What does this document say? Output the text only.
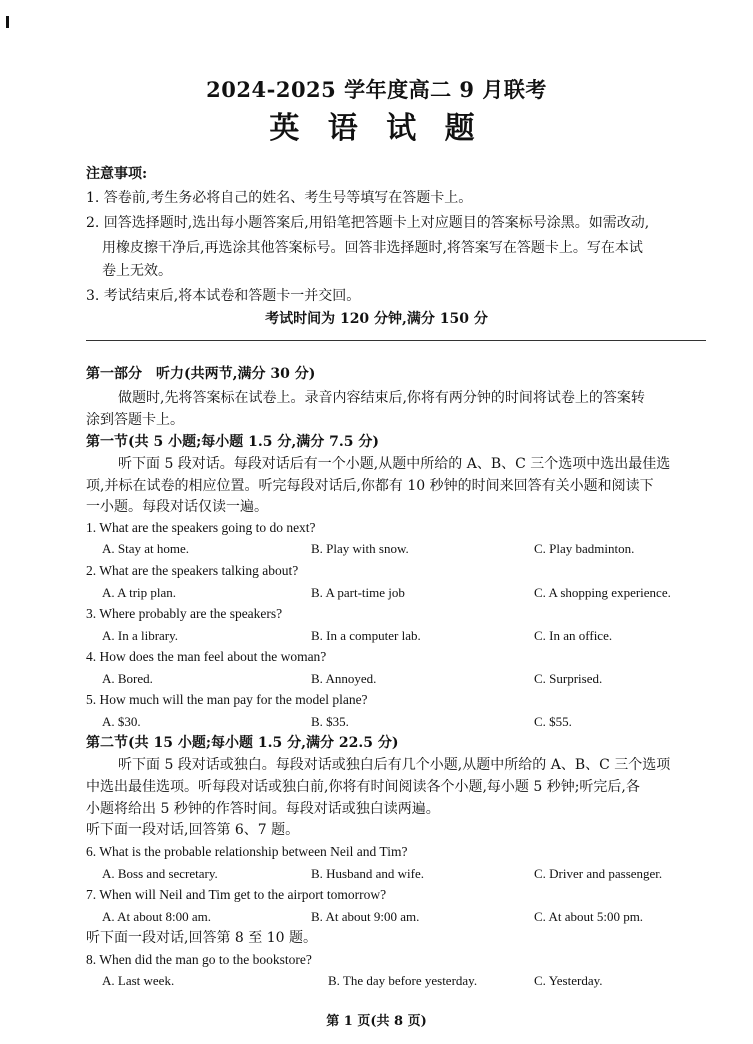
2024-2025 学年度高二 9 月联考
英 语 试 题
注意事项:
1. 答卷前,考生务必将自己的姓名、考生号等填写在答题卡上。
2. 回答选择题时,选出每小题答案后,用铅笔把答题卡上对应题目的答案标号涂黑。如需改动,
用橡皮擦干净后,再选涂其他答案标号。回答非选择题时,将答案写在答题卡上。写在本试
卷上无效。
3. 考试结束后,将本试卷和答题卡一并交回。
考试时间为 120 分钟,满分 150 分
第一部分　听力(共两节,满分 30 分)
做题时,先将答案标在试卷上。录音内容结束后,你将有两分钟的时间将试卷上的答案转
涂到答题卡上。
第一节(共 5 小题;每小题 1.5 分,满分 7.5 分)
听下面 5 段对话。每段对话后有一个小题,从题中所给的 A、B、C 三个选项中选出最佳选
项,并标在试卷的相应位置。听完每段对话后,你都有 10 秒钟的时间来回答有关小题和阅读下
一小题。每段对话仅读一遍。
1. What are the speakers going to do next?
A. Stay at home.	B. Play with snow.	C. Play badminton.
2. What are the speakers talking about?
A. A trip plan.	B. A part-time job	C. A shopping experience.
3. Where probably are the speakers?
A. In a library.	B. In a computer lab.	C. In an office.
4. How does the man feel about the woman?
A. Bored.	B. Annoyed.	C. Surprised.
5. How much will the man pay for the model plane?
A. $30.	B. $35.	C. $55.
第二节(共 15 小题;每小题 1.5 分,满分 22.5 分)
听下面 5 段对话或独白。每段对话或独白后有几个小题,从题中所给的 A、B、C 三个选项
中选出最佳选项。听每段对话或独白前,你将有时间阅读各个小题,每小题 5 秒钟;听完后,各
小题将给出 5 秒钟的作答时间。每段对话或独白读两遍。
听下面一段对话,回答第 6、7 题。
6. What is the probable relationship between Neil and Tim?
A. Boss and secretary.	B. Husband and wife.	C. Driver and passenger.
7. When will Neil and Tim get to the airport tomorrow?
A. At about 8:00 am.	B. At about 9:00 am.	C. At about 5:00 pm.
听下面一段对话,回答第 8 至 10 题。
8. When did the man go to the bookstore?
A. Last week.	B. The day before yesterday.	C. Yesterday.
第 1 页(共 8 页)
